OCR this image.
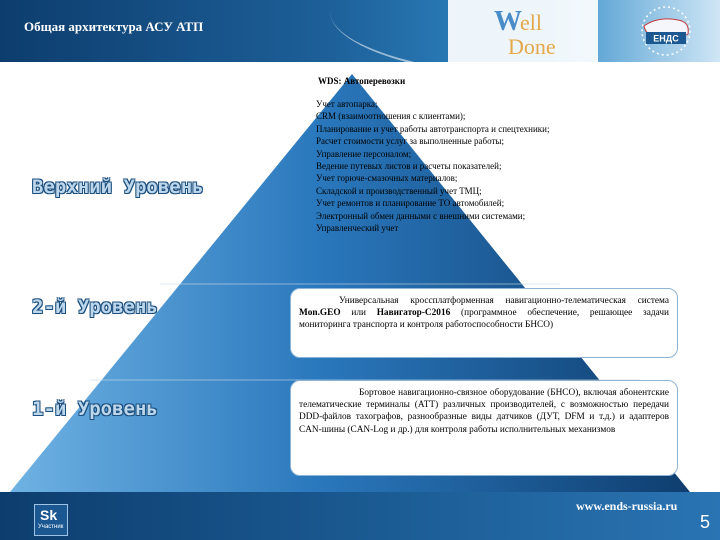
Общая архитектура АСУ АТП	W
ell
Done	ЕНДС
Верхний Уровень
2-й Уровень
1-й Уровень
WDS: Автоперевозки
Учет автопарка;
CRM (взаимоотношения с клиентами);
Планирование и учет работы автотранспорта и спецтехники;
Расчет стоимости услуг за выполненные работы;
Управление персоналом;
Ведение путевых листов и расчеты показателей;
Учет горюче-смазочных материалов;
Складской и производственный учет ТМЦ;
Учет ремонтов и планирование ТО автомобилей;
Электронный обмен данными с внешними системами;
Управленческий учет
Универсальная кроссплатформенная навигационно-телематическая система Mon.GEO или Навигатор-С2016 (программное обеспечение, решающее задачи мониторинга транспорта и контроля работоспособности БНСО)
Бортовое навигационно-связное оборудование (БНСО), включая абонентские телематические терминалы (АТТ) различных производителей, с возможностью передачи DDD-файлов тахографов, разнообразные виды датчиков (ДУТ, DFM и т.д.) и адаптеров CAN-шины (CAN-Log и др.) для контроля работы исполнительных механизмов
Sk
Участник
www.ends-russia.ru
5
